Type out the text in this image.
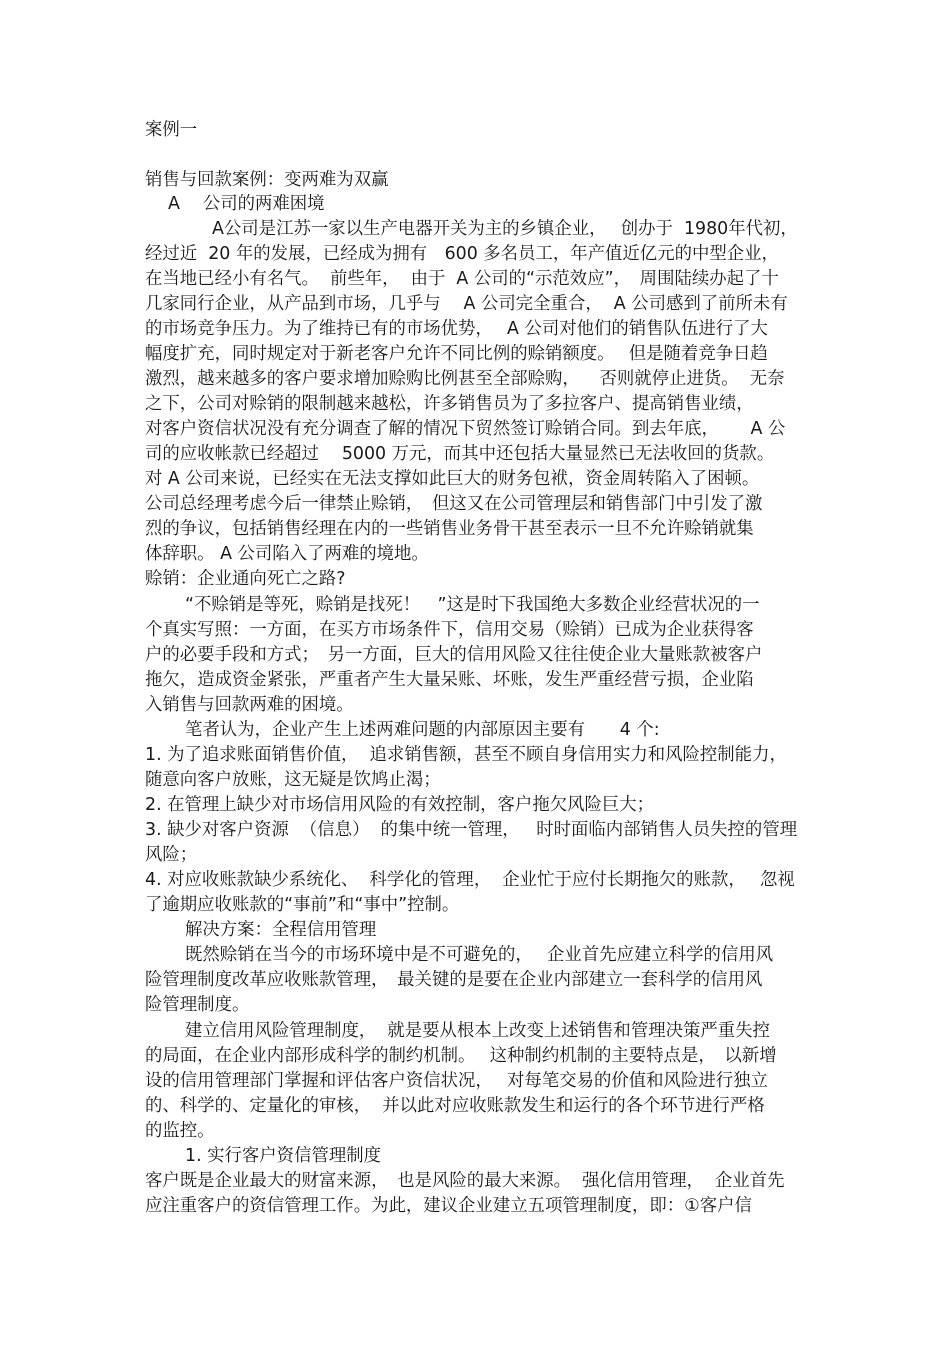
案例一
销售与回款案例：变两难为双赢
A　 公司的两难困境
A公司是江苏一家以生产电器开关为主的乡镇企业，　 创办于  1980年代初，
经过近  20 年的发展，已经成为拥有　600 多名员工，年产值近亿元的中型企业，
在当地已经小有名气。  前些年，  由于  A 公司的“示范效应”，　周围陆续办起了十
几家同行企业，从产品到市场，几乎与　 A 公司完全重合，  A 公司感到了前所未有
的市场竞争压力。为了维持已有的市场优势，　 A 公司对他们的销售队伍进行了大
幅度扩充，同时规定对于新老客户允许不同比例的赊销额度。　 但是随着竞争日趋
激烈，越来越多的客户要求增加赊购比例甚至全部赊购，　  否则就停止进货。  无奈
之下，公司对赊销的限制越来越松，许多销售员为了多拉客户、提高销售业绩，
对客户资信状况没有充分调查了解的情况下贸然签订赊销合同。到去年底，　　 A 公
司的应收帐款已经超过　 5000 万元，而其中还包括大量显然已无法收回的货款。
对 A 公司来说，已经实在无法支撑如此巨大的财务包袱，资金周转陷入了困顿。
公司总经理考虑今后一律禁止赊销，　但这又在公司管理层和销售部门中引发了激
烈的争议，包括销售经理在内的一些销售业务骨干甚至表示一旦不允许赊销就集
体辞职。 A 公司陷入了两难的境地。
赊销：企业通向死亡之路?
“不赊销是等死，赊销是找死！　”这是时下我国绝大多数企业经营状况的一
个真实写照：一方面，在买方市场条件下，信用交易（赊销）已成为企业获得客
户的必要手段和方式；　另一方面，巨大的信用风险又往往使企业大量账款被客户
拖欠，造成资金紧张，严重者产生大量呆账、坏账，发生严重经营亏损，企业陷
入销售与回款两难的困境。
笔者认为，企业产生上述两难问题的内部原因主要有　　4 个:
1. 为了追求账面销售价值，  追求销售额，甚至不顾自身信用实力和风险控制能力，
随意向客户放账，这无疑是饮鸠止渴；
2. 在管理上缺少对市场信用风险的有效控制，客户拖欠风险巨大；
3. 缺少对客户资源  （信息）  的集中统一管理，   时时面临内部销售人员失控的管理
风险；
4. 对应收账款缺少系统化、  科学化的管理，  企业忙于应付长期拖欠的账款，　 忽视
了逾期应收账款的“事前”和“事中”控制。
解决方案：全程信用管理
既然赊销在当今的市场环境中是不可避免的，　 企业首先应建立科学的信用风
险管理制度改革应收账款管理，　最关键的是要在企业内部建立一套科学的信用风
险管理制度。
建立信用风险管理制度，  就是要从根本上改变上述销售和管理决策严重失控
的局面，在企业内部形成科学的制约机制。　 这种制约机制的主要特点是，　以新增
设的信用管理部门掌握和评估客户资信状况，　 对每笔交易的价值和风险进行独立
的、科学的、定量化的审核，  并以此对应收账款发生和运行的各个环节进行严格
的监控。
1. 实行客户资信管理制度
客户既是企业最大的财富来源，　也是风险的最大来源。  强化信用管理，  企业首先
应注重客户的资信管理工作。为此，建议企业建立五项管理制度，即：①客户信
